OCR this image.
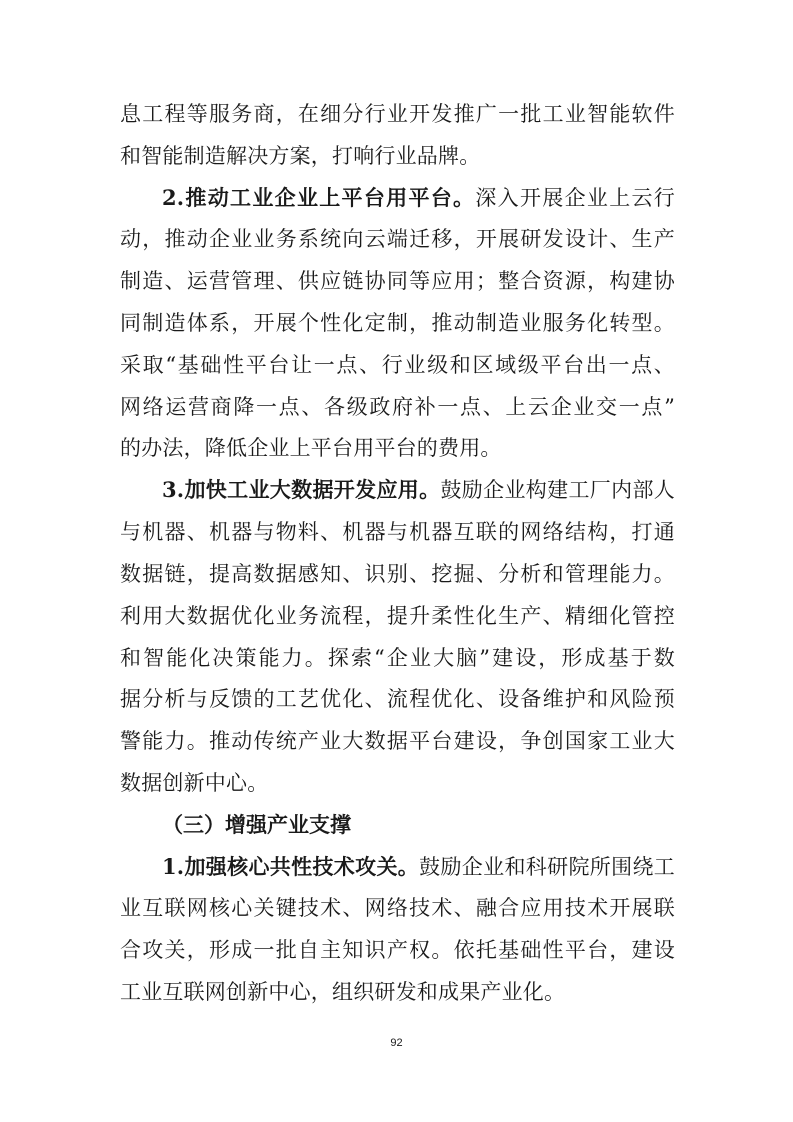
息工程等服务商，在细分行业开发推广一批工业智能软件
和智能制造解决方案，打响行业品牌。
2.推动工业企业上平台用平台。深入开展企业上云行
动，推动企业业务系统向云端迁移，开展研发设计、生产
制造、运营管理、供应链协同等应用；整合资源，构建协
同制造体系，开展个性化定制，推动制造业服务化转型。
采取“基础性平台让一点、行业级和区域级平台出一点、
网络运营商降一点、各级政府补一点、上云企业交一点”
的办法，降低企业上平台用平台的费用。
3.加快工业大数据开发应用。鼓励企业构建工厂内部人
与机器、机器与物料、机器与机器互联的网络结构，打通
数据链，提高数据感知、识别、挖掘、分析和管理能力。
利用大数据优化业务流程，提升柔性化生产、精细化管控
和智能化决策能力。探索“企业大脑”建设，形成基于数
据分析与反馈的工艺优化、流程优化、设备维护和风险预
警能力。推动传统产业大数据平台建设，争创国家工业大
数据创新中心。
（三）增强产业支撑
1.加强核心共性技术攻关。鼓励企业和科研院所围绕工
业互联网核心关键技术、网络技术、融合应用技术开展联
合攻关，形成一批自主知识产权。依托基础性平台，建设
92
工业互联网创新中心，组织研发和成果产业化。
